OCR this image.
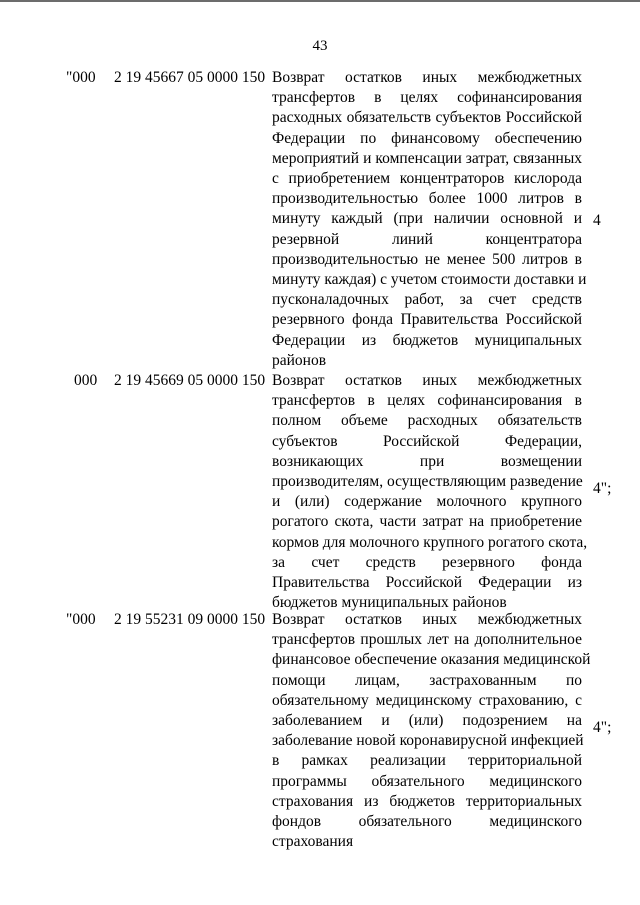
43
"000 2 19 45667 05 0000 150 Возврат остатков иных межбюджетных
трансфертов в целях софинансирования
расходных обязательств субъектов Российской
Федерации по финансовому обеспечению
мероприятий и компенсации затрат, связанных
с приобретением концентраторов кислорода
производительностью более 1000 литров в
минуту каждый (при наличии основной и
резервной линий концентратора
производительностью не менее 500 литров в
минуту каждая) с учетом стоимости доставки и
пусконаладочных работ, за счет средств
резервного фонда Правительства Российской
Федерации из бюджетов муниципальных
районов
4
000 2 19 45669 05 0000 150 Возврат остатков иных межбюджетных
трансфертов в целях софинансирования в
полном объеме расходных обязательств
субъектов Российской Федерации,
возникающих при возмещении
производителям, осуществляющим разведение
и (или) содержание молочного крупного
рогатого скота, части затрат на приобретение
кормов для молочного крупного рогатого скота,
за счет средств резервного фонда
Правительства Российской Федерации из
бюджетов муниципальных районов
4";
"000 2 19 55231 09 0000 150 Возврат остатков иных межбюджетных
трансфертов прошлых лет на дополнительное
финансовое обеспечение оказания медицинской
помощи лицам, застрахованным по
обязательному медицинскому страхованию, с
заболеванием и (или) подозрением на
заболевание новой коронавирусной инфекцией
в рамках реализации территориальной
программы обязательного медицинского
страхования из бюджетов территориальных
фондов обязательного медицинского
страхования
4";
